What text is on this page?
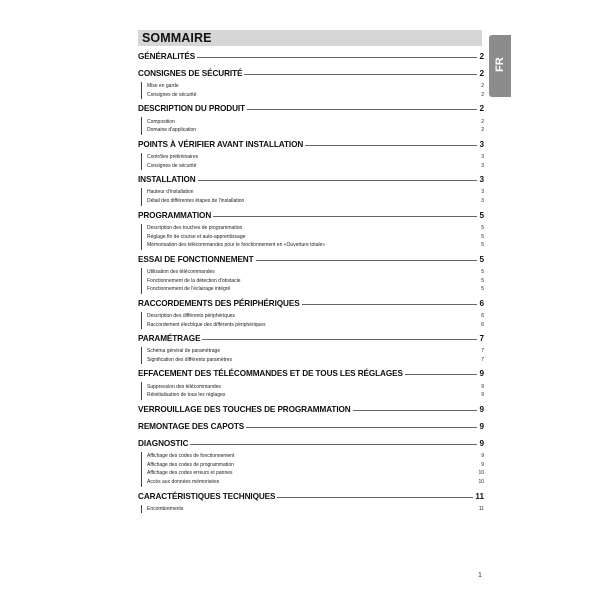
SOMMAIRE
FR
GÉNÉRALITÉS	2
CONSIGNES DE SÉCURITÉ	2
Mise en garde	2
Consignes de sécurité	2
DESCRIPTION DU PRODUIT	2
Composition	2
Domaine d'application	2
POINTS À VÉRIFIER AVANT INSTALLATION	3
Contrôles préliminaires	3
Consignes de sécurité	3
INSTALLATION	3
Hauteur d'installation	3
Détail des différentes étapes de l'installation	3
PROGRAMMATION	5
Description des touches de programmation	5
Réglage fin de course et auto-apprentissage	5
Mémorisation des télécommandes pour le fonctionnement en «Ouverture totale»	5
ESSAI DE FONCTIONNEMENT	5
Utilisation des télécommandes	5
Fonctionnement de la détection d'obstacle	5
Fonctionnement de l'éclairage intégré	5
RACCORDEMENTS DES PÉRIPHÉRIQUES	6
Description des différents périphériques	6
Raccordement électrique des différents périphériques	6
PARAMÉTRAGE	7
Schéma général de paramétrage	7
Signification des différents paramètres	7
EFFACEMENT DES TÉLÉCOMMANDES ET DE TOUS LES RÉGLAGES	9
Suppression des télécommandes	9
Réinitialisation de tous les réglages	9
VERROUILLAGE DES TOUCHES DE PROGRAMMATION	9
REMONTAGE DES CAPOTS	9
DIAGNOSTIC	9
Affichage des codes de fonctionnement	9
Affichage des codes de programmation	9
Affichage des codes erreurs et pannes	10
Accès aux données mémorisées	10
CARACTÉRISTIQUES TECHNIQUES	11
Encombrements	11
1
